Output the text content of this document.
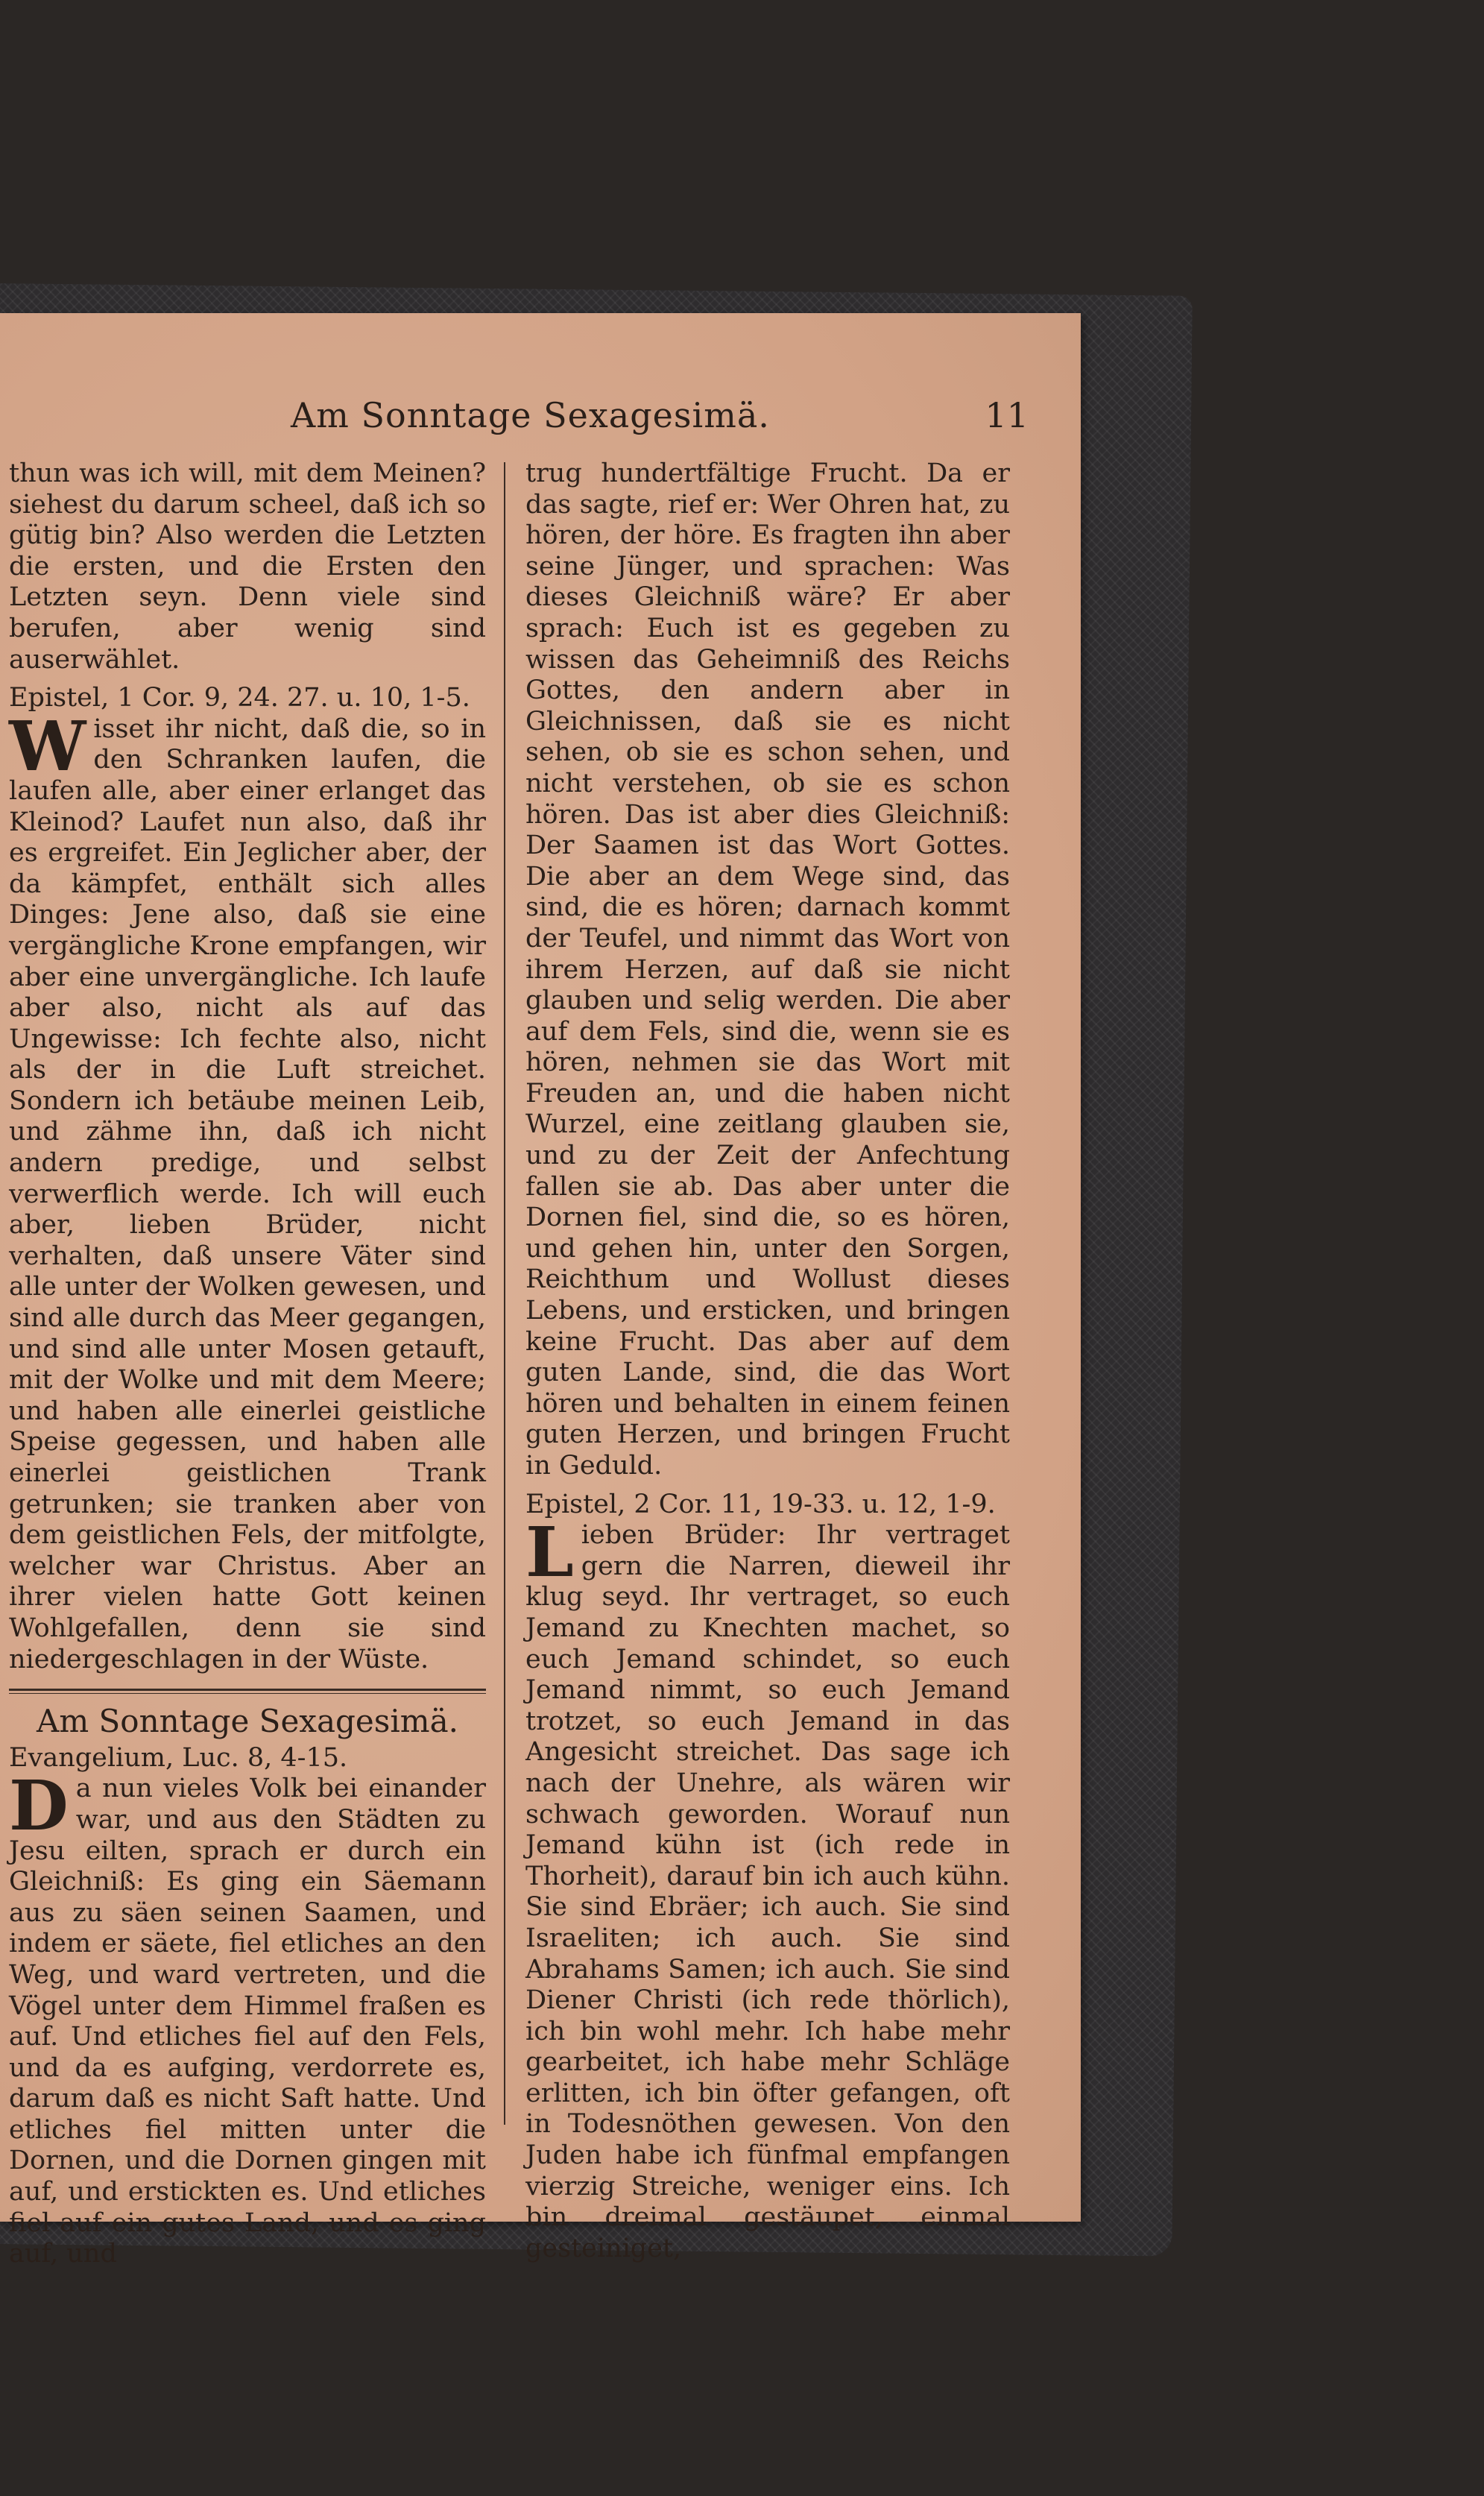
Am Sonntage Sexagesimä.	11

thun was ich will, mit dem Meinen? siehest du darum scheel, daß ich so gütig bin? Also werden die Letzten die ersten, und die Ersten den Letzten seyn. Denn viele sind berufen, aber wenig sind auserwählet.

Epistel, 1 Cor. 9, 24. 27. u. 10, 1-5.

Wisset ihr nicht, daß die, so in den Schranken laufen, die laufen alle, aber einer erlanget das Kleinod? Laufet nun also, daß ihr es ergreifet. Ein Jeglicher aber, der da kämpfet, enthält sich alles Dinges: Jene also, daß sie eine vergängliche Krone empfangen, wir aber eine unvergängliche. Ich laufe aber also, nicht als auf das Ungewisse: Ich fechte also, nicht als der in die Luft streichet. Sondern ich betäube meinen Leib, und zähme ihn, daß ich nicht andern predige, und selbst verwerflich werde. Ich will euch aber, lieben Brüder, nicht verhalten, daß unsere Väter sind alle unter der Wolken gewesen, und sind alle durch das Meer gegangen, und sind alle unter Mosen getauft, mit der Wolke und mit dem Meere; und haben alle einerlei geistliche Speise gegessen, und haben alle einerlei geistlichen Trank getrunken; sie tranken aber von dem geistlichen Fels, der mitfolgte, welcher war Christus. Aber an ihrer vielen hatte Gott keinen Wohlgefallen, denn sie sind niedergeschlagen in der Wüste.

Am Sonntage Sexagesimä.

Evangelium, Luc. 8, 4-15.

Da nun vieles Volk bei einander war, und aus den Städten zu Jesu eilten, sprach er durch ein Gleichniß: Es ging ein Säemann aus zu säen seinen Saamen, und indem er säete, fiel etliches an den Weg, und ward vertreten, und die Vögel unter dem Himmel fraßen es auf. Und etliches fiel auf den Fels, und da es aufging, verdorrete es, darum daß es nicht Saft hatte. Und etliches fiel mitten unter die Dornen, und die Dornen gingen mit auf, und erstickten es. Und etliches fiel auf ein gutes Land, und es ging auf, und

trug hundertfältige Frucht. Da er das sagte, rief er: Wer Ohren hat, zu hören, der höre. Es fragten ihn aber seine Jünger, und sprachen: Was dieses Gleichniß wäre? Er aber sprach: Euch ist es gegeben zu wissen das Geheimniß des Reichs Gottes, den andern aber in Gleichnissen, daß sie es nicht sehen, ob sie es schon sehen, und nicht verstehen, ob sie es schon hören. Das ist aber dies Gleichniß: Der Saamen ist das Wort Gottes. Die aber an dem Wege sind, das sind, die es hören; darnach kommt der Teufel, und nimmt das Wort von ihrem Herzen, auf daß sie nicht glauben und selig werden. Die aber auf dem Fels, sind die, wenn sie es hören, nehmen sie das Wort mit Freuden an, und die haben nicht Wurzel, eine zeitlang glauben sie, und zu der Zeit der Anfechtung fallen sie ab. Das aber unter die Dornen fiel, sind die, so es hören, und gehen hin, unter den Sorgen, Reichthum und Wollust dieses Lebens, und ersticken, und bringen keine Frucht. Das aber auf dem guten Lande, sind, die das Wort hören und behalten in einem feinen guten Herzen, und bringen Frucht in Geduld.

Epistel, 2 Cor. 11, 19-33. u. 12, 1-9.

Lieben Brüder: Ihr vertraget gern die Narren, dieweil ihr klug seyd. Ihr vertraget, so euch Jemand zu Knechten machet, so euch Jemand schindet, so euch Jemand nimmt, so euch Jemand trotzet, so euch Jemand in das Angesicht streichet. Das sage ich nach der Unehre, als wären wir schwach geworden. Worauf nun Jemand kühn ist (ich rede in Thorheit), darauf bin ich auch kühn. Sie sind Ebräer; ich auch. Sie sind Israeliten; ich auch. Sie sind Abrahams Samen; ich auch. Sie sind Diener Christi (ich rede thörlich), ich bin wohl mehr. Ich habe mehr gearbeitet, ich habe mehr Schläge erlitten, ich bin öfter gefangen, oft in Todesnöthen gewesen. Von den Juden habe ich fünfmal empfangen vierzig Streiche, weniger eins. Ich bin dreimal gestäupet, einmal gesteiniget,
